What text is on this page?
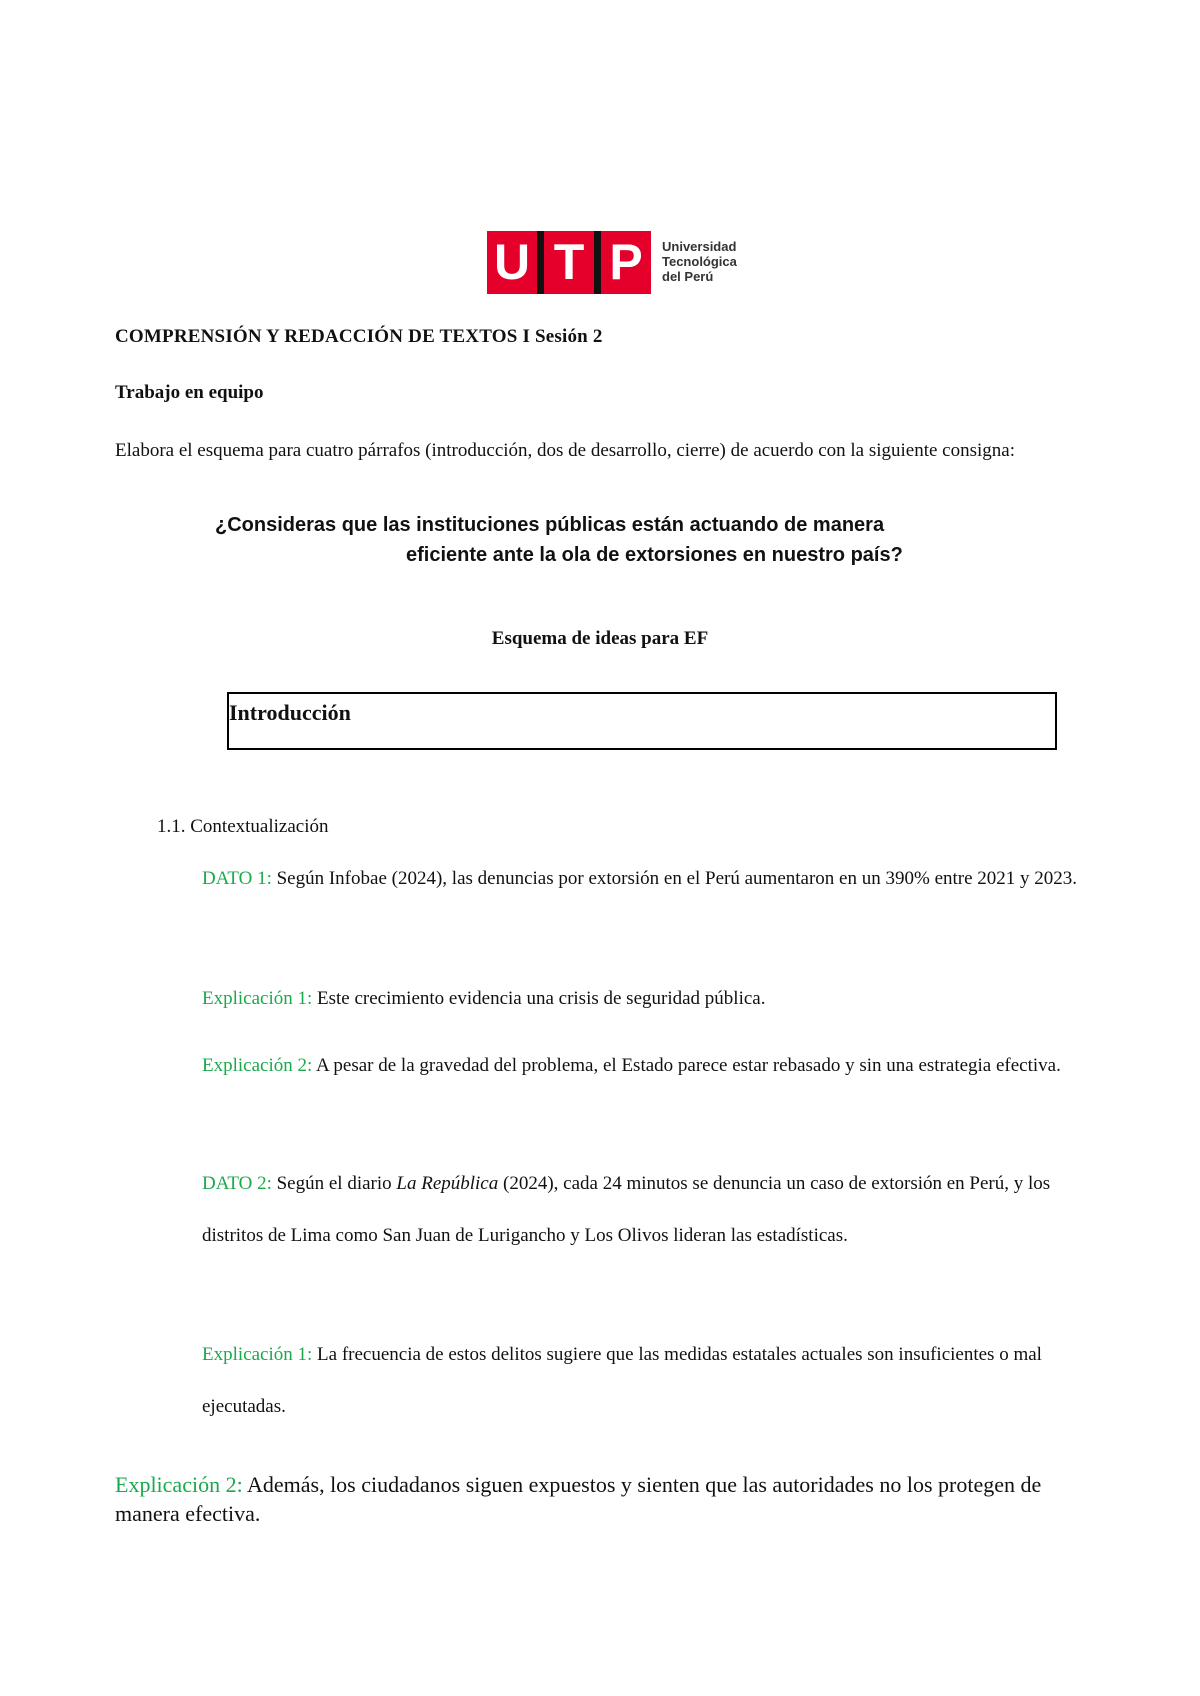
U T P	Universidad
Tecnológica
del Perú
COMPRENSIÓN Y REDACCIÓN DE TEXTOS I Sesión 2
Trabajo en equipo
Elabora el esquema para cuatro párrafos (introducción, dos de desarrollo, cierre) de acuerdo con la siguiente consigna:
¿Consideras que las instituciones públicas están actuando de manera
eficiente ante la ola de extorsiones en nuestro país?
Esquema de ideas para EF
Introducción
1.1. Contextualización
DATO 1: Según Infobae (2024), las denuncias por extorsión en el Perú aumentaron en un 390% entre 2021 y 2023.
Explicación 1: Este crecimiento evidencia una crisis de seguridad pública.
Explicación 2: A pesar de la gravedad del problema, el Estado parece estar rebasado y sin una estrategia efectiva.
DATO 2: Según el diario La República (2024), cada 24 minutos se denuncia un caso de extorsión en Perú, y los distritos de Lima como San Juan de Lurigancho y Los Olivos lideran las estadísticas.
Explicación 1: La frecuencia de estos delitos sugiere que las medidas estatales actuales son insuficientes o mal ejecutadas.
Explicación 2: Además, los ciudadanos siguen expuestos y sienten que las autoridades no los protegen de manera efectiva.
